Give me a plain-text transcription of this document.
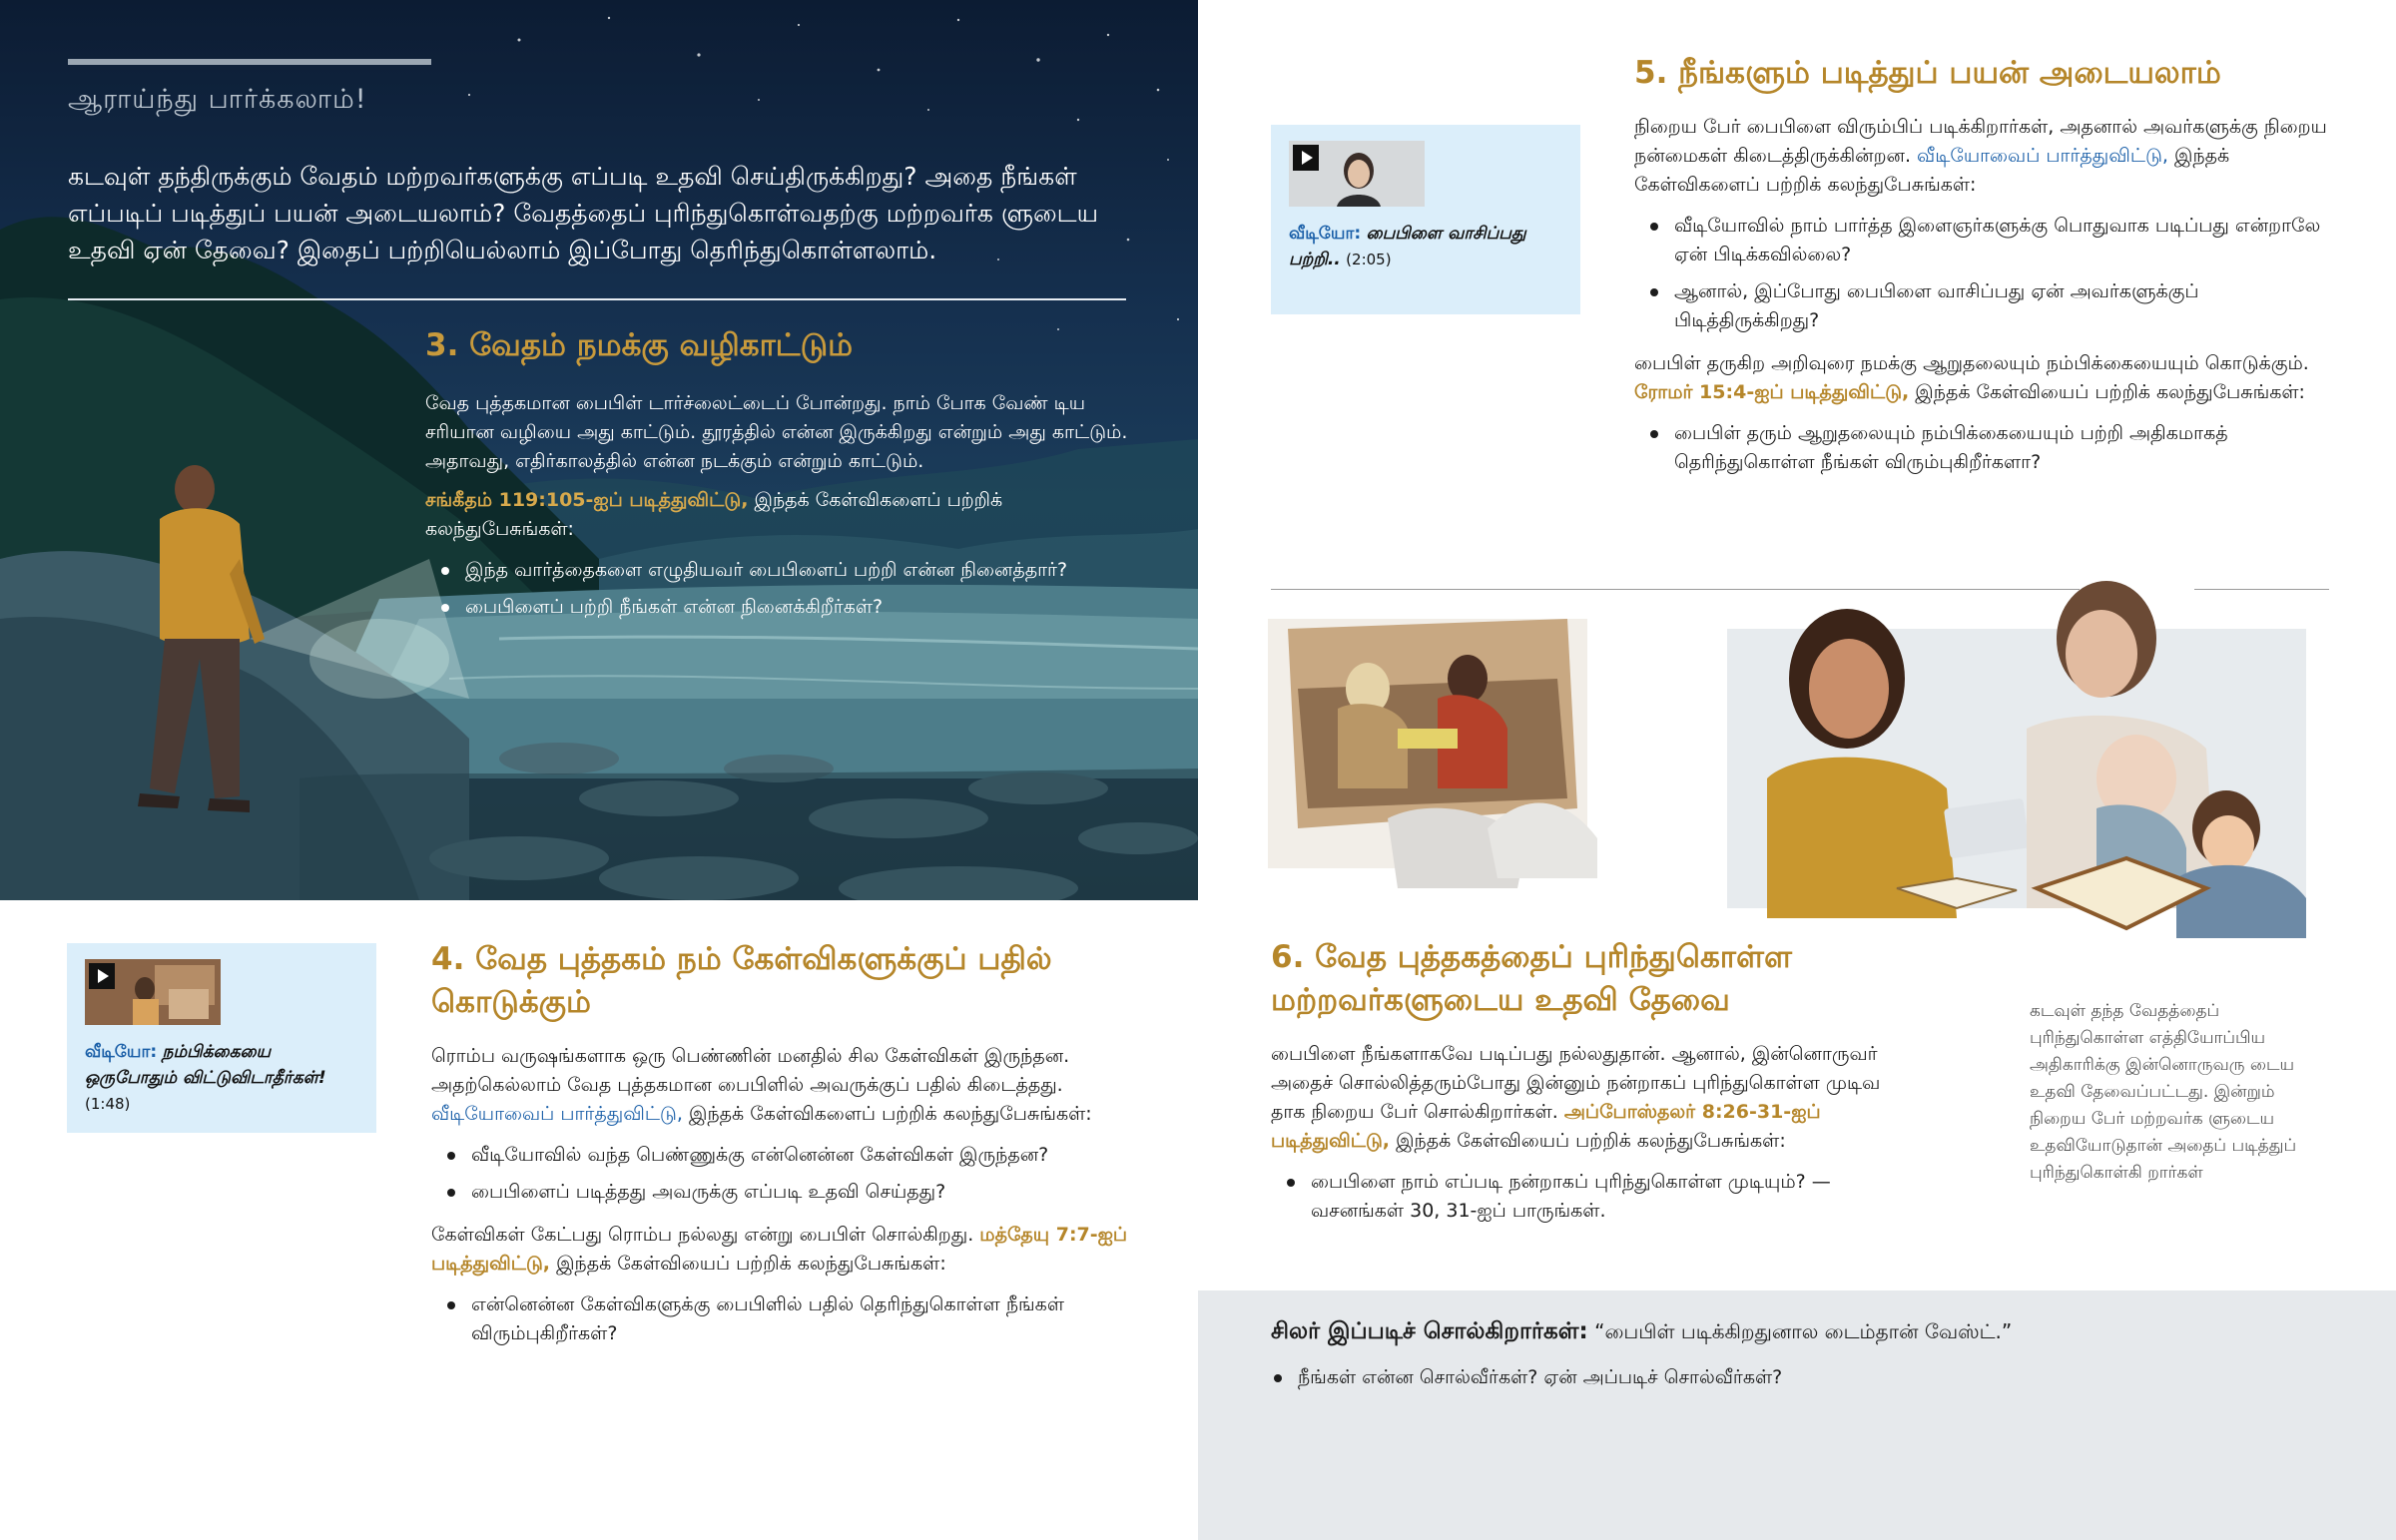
ஆராய்ந்து பார்க்கலாம்!
கடவுள் தந்திருக்கும் வேதம் மற்றவர்களுக்கு எப்படி உதவி செய்திருக்கிறது? அதை நீங்கள் எப்படிப் படித்துப் பயன் அடையலாம்? வேதத்தைப் புரிந்துகொள்வதற்கு மற்றவர்க ளுடைய உதவி ஏன் தேவை? இதைப் பற்றியெல்லாம் இப்போது தெரிந்துகொள்ளலாம்.
3. வேதம் நமக்கு வழிகாட்டும்
வேத புத்தகமான பைபிள் டார்ச்லைட்டைப் போன்றது. நாம் போக வேண் டிய சரியான வழியை அது காட்டும். தூரத்தில் என்ன இருக்கிறது என்றும் அது காட்டும். அதாவது, எதிர்காலத்தில் என்ன நடக்கும் என்றும் காட்டும்.
சங்கீதம் 119:105-ஐப் படித்துவிட்டு, இந்தக் கேள்விகளைப் பற்றிக் கலந்துபேசுங்கள்:
இந்த வார்த்தைகளை எழுதியவர் பைபிளைப் பற்றி என்ன நினைத்தார்?
பைபிளைப் பற்றி நீங்கள் என்ன நினைக்கிறீர்கள்?
வீடியோ: நம்பிக்கையை ஒருபோதும் விட்டுவிடாதீர்கள்! (1:48)
4. வேத புத்தகம் நம் கேள்விகளுக்குப் பதில் கொடுக்கும்
ரொம்ப வருஷங்களாக ஒரு பெண்ணின் மனதில் சில கேள்விகள் இருந்தன. அதற்கெல்லாம் வேத புத்தகமான பைபிளில் அவருக்குப் பதில் கிடைத்தது. வீடியோவைப் பார்த்துவிட்டு, இந்தக் கேள்விகளைப் பற்றிக் கலந்துபேசுங்கள்:
வீடியோவில் வந்த பெண்ணுக்கு என்னென்ன கேள்விகள் இருந்தன?
பைபிளைப் படித்தது அவருக்கு எப்படி உதவி செய்தது?
கேள்விகள் கேட்பது ரொம்ப நல்லது என்று பைபிள் சொல்கிறது. மத்தேயு 7:7-ஐப் படித்துவிட்டு, இந்தக் கேள்வியைப் பற்றிக் கலந்துபேசுங்கள்:
என்னென்ன கேள்விகளுக்கு பைபிளில் பதில் தெரிந்துகொள்ள நீங்கள் விரும்புகிறீர்கள்?
வீடியோ: பைபிளை வாசிப்பது பற்றி.. (2:05)
5. நீங்களும் படித்துப் பயன் அடையலாம்
நிறைய பேர் பைபிளை விரும்பிப் படிக்கிறார்கள், அதனால் அவர்களுக்கு நிறைய நன்மைகள் கிடைத்திருக்கின்றன. வீடியோவைப் பார்த்துவிட்டு, இந்தக் கேள்விகளைப் பற்றிக் கலந்துபேசுங்கள்:
வீடியோவில் நாம் பார்த்த இளைஞர்களுக்கு பொதுவாக படிப்பது என்றாலே ஏன் பிடிக்கவில்லை?
ஆனால், இப்போது பைபிளை வாசிப்பது ஏன் அவர்களுக்குப் பிடித்திருக்கிறது?
பைபிள் தருகிற அறிவுரை நமக்கு ஆறுதலையும் நம்பிக்கையையும் கொடுக்கும். ரோமர் 15:4-ஐப் படித்துவிட்டு, இந்தக் கேள்வியைப் பற்றிக் கலந்துபேசுங்கள்:
பைபிள் தரும் ஆறுதலையும் நம்பிக்கையையும் பற்றி அதிகமாகத் தெரிந்துகொள்ள நீங்கள் விரும்புகிறீர்களா?
6. வேத புத்தகத்தைப் புரிந்துகொள்ள மற்றவர்களுடைய உதவி தேவை
பைபிளை நீங்களாகவே படிப்பது நல்லதுதான். ஆனால், இன்னொருவர் அதைச் சொல்லித்தரும்போது இன்னும் நன்றாகப் புரிந்துகொள்ள முடிவ தாக நிறைய பேர் சொல்கிறார்கள். அப்போஸ்தலர் 8:26-31-ஐப் படித்துவிட்டு, இந்தக் கேள்வியைப் பற்றிக் கலந்துபேசுங்கள்:
பைபிளை நாம் எப்படி நன்றாகப் புரிந்துகொள்ள முடியும்? —வசனங்கள் 30, 31-ஐப் பாருங்கள்.
கடவுள் தந்த வேதத்தைப் புரிந்துகொள்ள எத்தியோப்பிய அதிகாரிக்கு இன்னொருவரு டைய உதவி தேவைப்பட்டது. இன்றும் நிறைய பேர் மற்றவர்க ளுடைய உதவியோடுதான் அதைப் படித்துப் புரிந்துகொள்கி றார்கள்
சிலர் இப்படிச் சொல்கிறார்கள்: “பைபிள் படிக்கிறதுனால டைம்தான் வேஸ்ட்.”
நீங்கள் என்ன சொல்வீர்கள்? ஏன் அப்படிச் சொல்வீர்கள்?
